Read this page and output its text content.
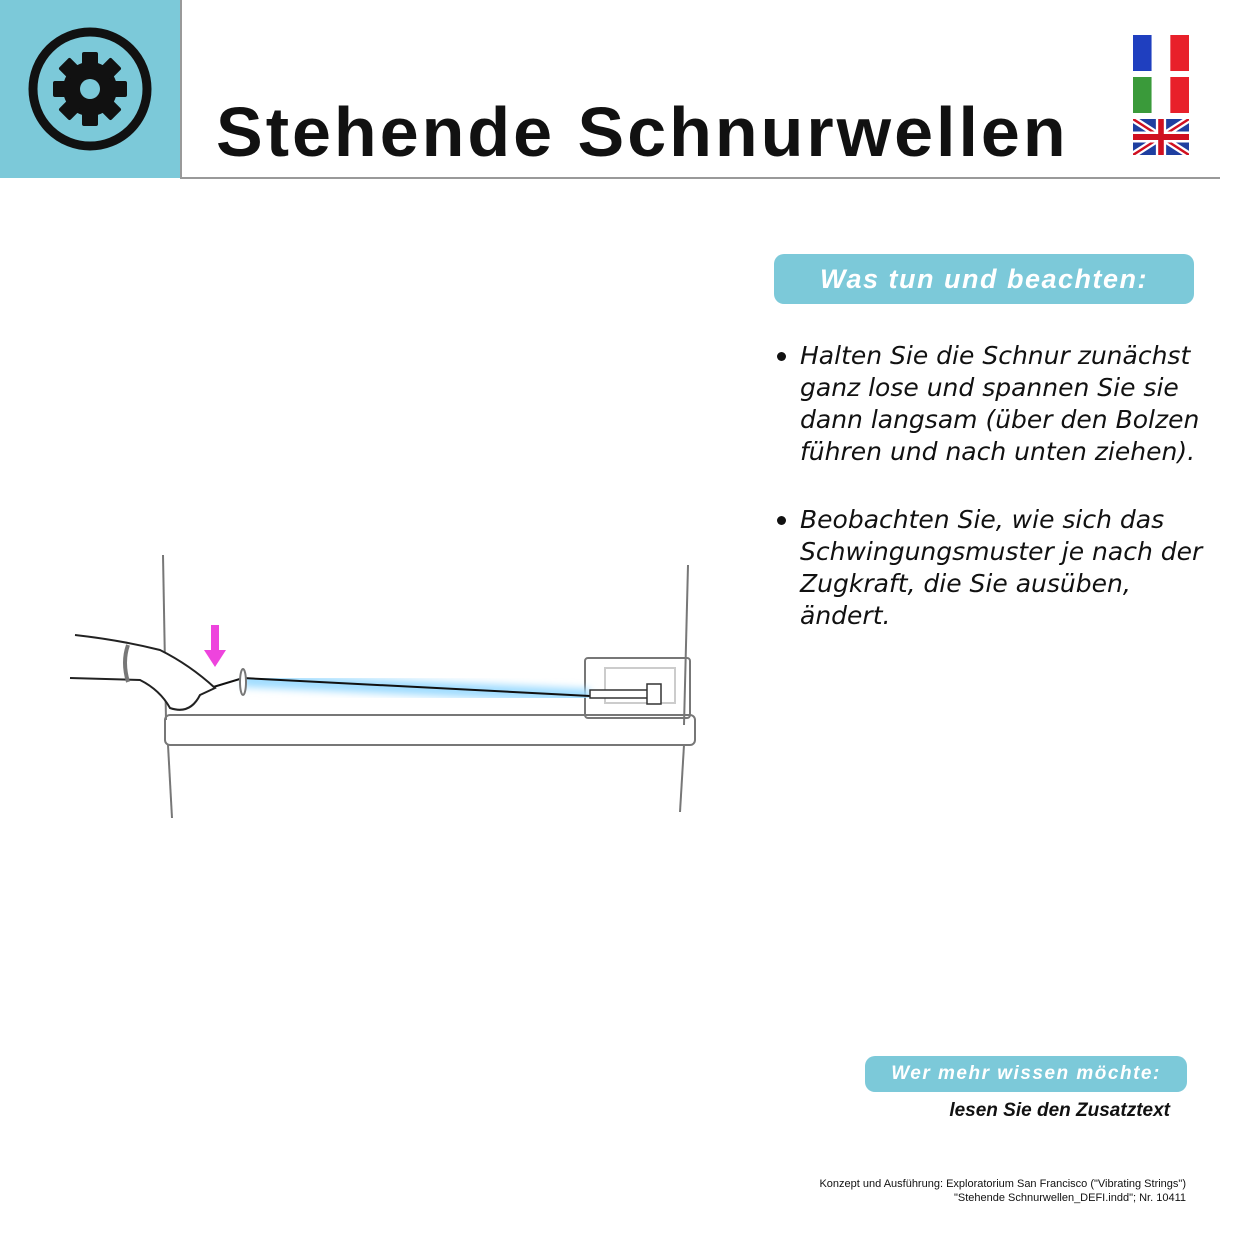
Stehende Schnurwellen
Was tun und beachten:
Halten Sie die Schnur zunächst ganz lose und spannen Sie sie dann langsam (über den Bolzen führen und nach unten ziehen).
Beobachten Sie, wie sich das Schwingungsmuster je nach der Zugkraft, die Sie ausüben, ändert.
Wer mehr wissen möchte:
lesen Sie den Zusatztext
Konzept und Ausführung: Exploratorium San Francisco ("Vibrating Strings")
"Stehende Schnurwellen_DEFI.indd"; Nr. 10411
